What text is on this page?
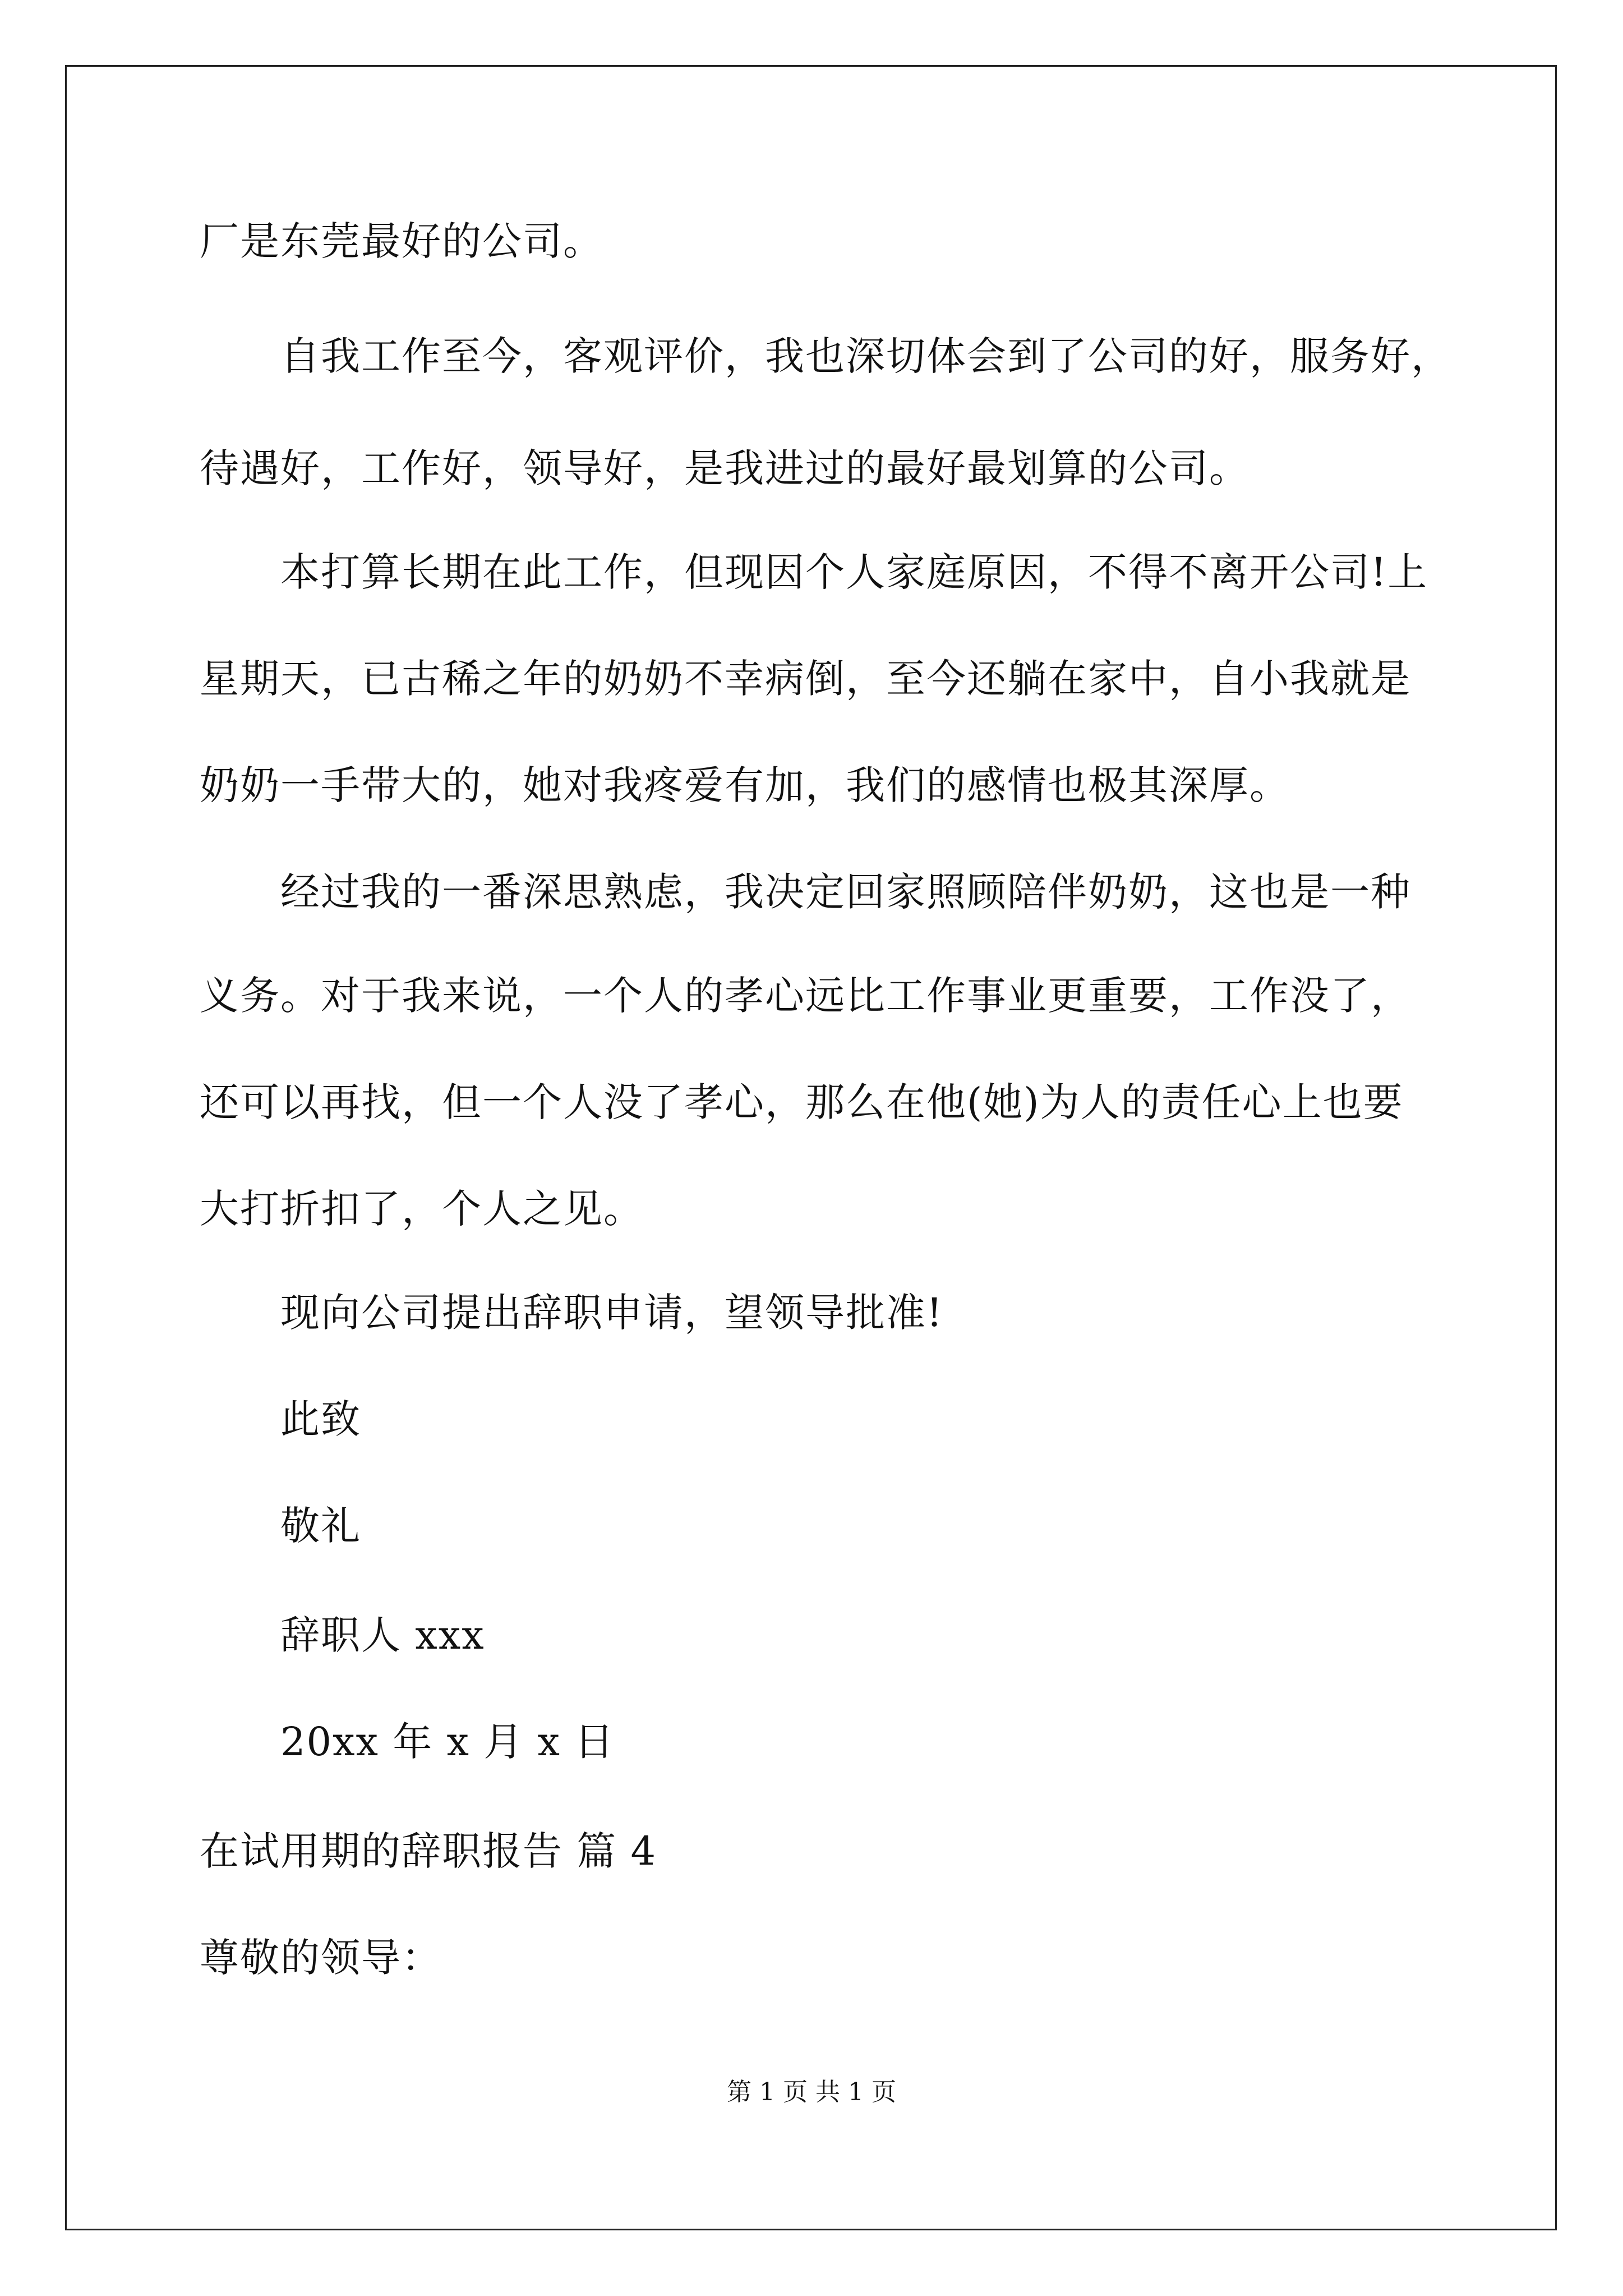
厂是东莞最好的公司。
自我工作至今，客观评价，我也深切体会到了公司的好，服务好，
待遇好，工作好，领导好，是我进过的最好最划算的公司。
本打算长期在此工作，但现因个人家庭原因，不得不离开公司!上
星期天，已古稀之年的奶奶不幸病倒，至今还躺在家中，自小我就是
奶奶一手带大的，她对我疼爱有加，我们的感情也极其深厚。
经过我的一番深思熟虑，我决定回家照顾陪伴奶奶，这也是一种
义务。对于我来说，一个人的孝心远比工作事业更重要，工作没了，
还可以再找，但一个人没了孝心，那么在他(她)为人的责任心上也要
大打折扣了，个人之见。
现向公司提出辞职申请，望领导批准!
此致
敬礼
辞职人 xxx
20xx 年 x 月 x 日
在试用期的辞职报告 篇 4
尊敬的领导：
第 1 页 共 1 页
